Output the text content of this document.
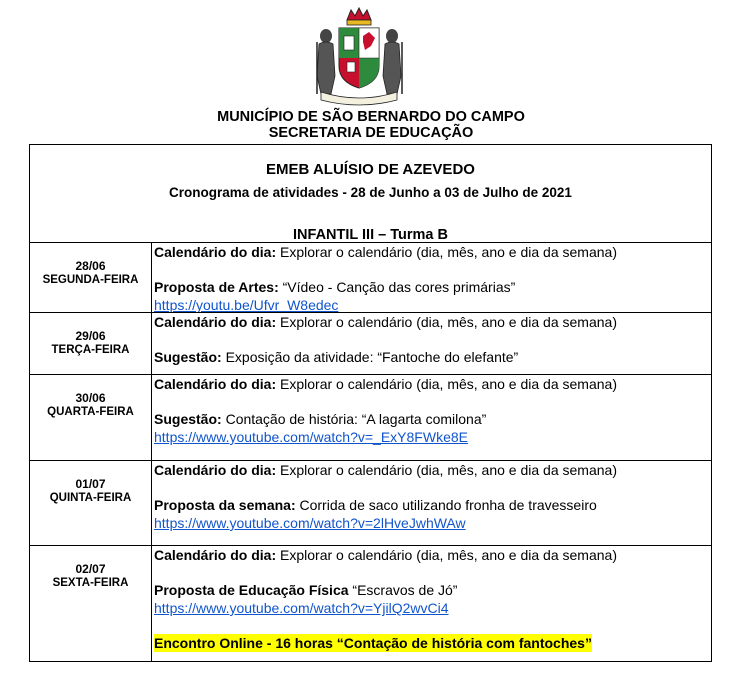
MUNICÍPIO DE SÃO BERNARDO DO CAMPO
SECRETARIA DE EDUCAÇÃO
EMEB ALUÍSIO DE AZEVEDO
Cronograma de atividades - 28 de Junho a 03 de Julho de 2021
INFANTIL III – Turma B
28/06
SEGUNDA-FEIRA
Calendário do dia: Explorar o calendário (dia, mês, ano e dia da semana)
Proposta de Artes: “Vídeo - Canção das cores primárias”
https://youtu.be/Ufvr_W8edec
29/06
TERÇA-FEIRA
Calendário do dia: Explorar o calendário (dia, mês, ano e dia da semana)
Sugestão: Exposição da atividade: “Fantoche do elefante”
30/06
QUARTA-FEIRA
Calendário do dia: Explorar o calendário (dia, mês, ano e dia da semana)
Sugestão: Contação de história: “A lagarta comilona”
https://www.youtube.com/watch?v=_ExY8FWke8E
01/07
QUINTA-FEIRA
Calendário do dia: Explorar o calendário (dia, mês, ano e dia da semana)
Proposta da semana: Corrida de saco utilizando fronha de travesseiro
https://www.youtube.com/watch?v=2lHveJwhWAw
02/07
SEXTA-FEIRA
Calendário do dia: Explorar o calendário (dia, mês, ano e dia da semana)
Proposta de Educação Física “Escravos de Jó”
https://www.youtube.com/watch?v=YjilQ2wvCi4
Encontro Online - 16 horas “Contação de história com fantoches”
